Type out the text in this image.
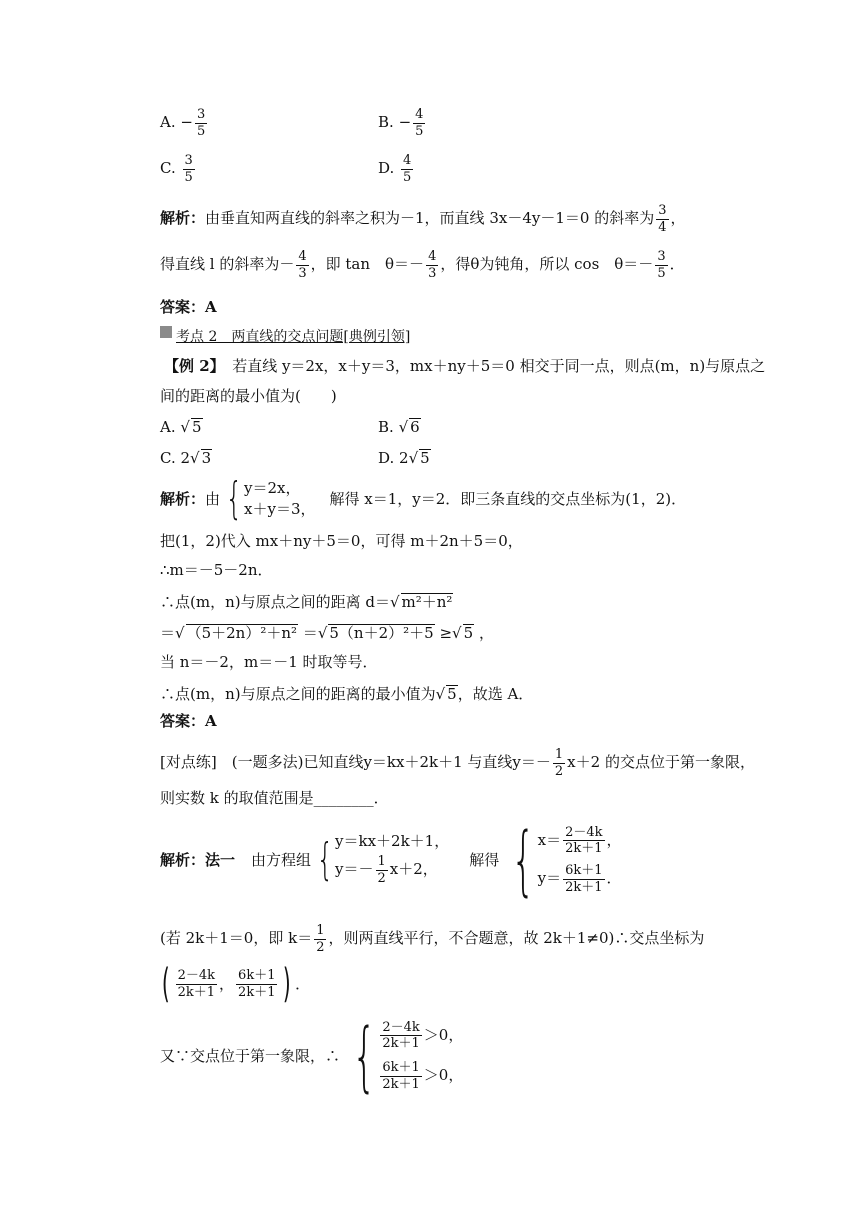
A. − $\frac{3}{5}$	B. − $\frac{4}{5}$
C. $\frac{3}{5}$	D. $\frac{4}{5}$
解析：由垂直知两直线的斜率之积为－1，而直线 3x－4y－1＝0 的斜率为 $\frac{3}{4}$ ，
得直线 l 的斜率为－ $\frac{4}{3}$ ，即 tan　$\theta=- \frac{4}{3}$ ，得θ为钝角，所以 cos　$\theta=- \frac{3}{5}$ ．
答案：A
考点 2　两直线的交点问题[典例引领]
【例 2】　 若直线 y＝2x，x＋y＝3，mx＋ny＋5＝0 相交于同一点，则点(m，n)与原点之
间的距离的最小值为(　　)
A. √ 5	B. √ 6
C. 2√ 3	D. 2√ 5
解析： 由 { y＝2x，
x＋y＝3，
解得 x＝1，y＝2．即三条直线的交点坐标为(1，2)．
把(1，2)代入 mx＋ny＋5＝0，可得 m＋2n＋5＝0，
∴m＝－5－2n．
∴点(m，n)与原点之间的距离 d＝√ m²＋n²
＝√ （5＋2n）²＋n² ＝√ 5（n＋2）²＋5 ≥√ 5 ，
当 n＝－2，m＝－1 时取等号．
∴点(m，n)与原点之间的距离的最小值为√ 5，故选 A．
答案：A
[对点练]　 (一题多法)已知直线y＝kx＋2k＋1 与直线$y=- \frac{1}{2} x+2$ 的交点位于第一象限，
则实数 k 的取值范围是________．
解析：法一 由方程组 { y＝kx＋2k＋1，
$y=- \frac{1}{2} x+2$，
解得 { $x= \frac{2-4k}{2k+1}$ ，
$y= \frac{6k+1}{2k+1}$ ．
(若 2k＋1＝0，即 $k= \frac{1}{2}$ ，则两直线平行，不合题意，故 2k＋1≠0)∴交点坐标为
( $\frac{2-4k}{2k+1}$ ， $\frac{6k+1}{2k+1}$ ) ．
又∵交点位于第一象限，∴ { $\frac{2-4k}{2k+1} >0$，
$\frac{6k+1}{2k+1} >0$，
